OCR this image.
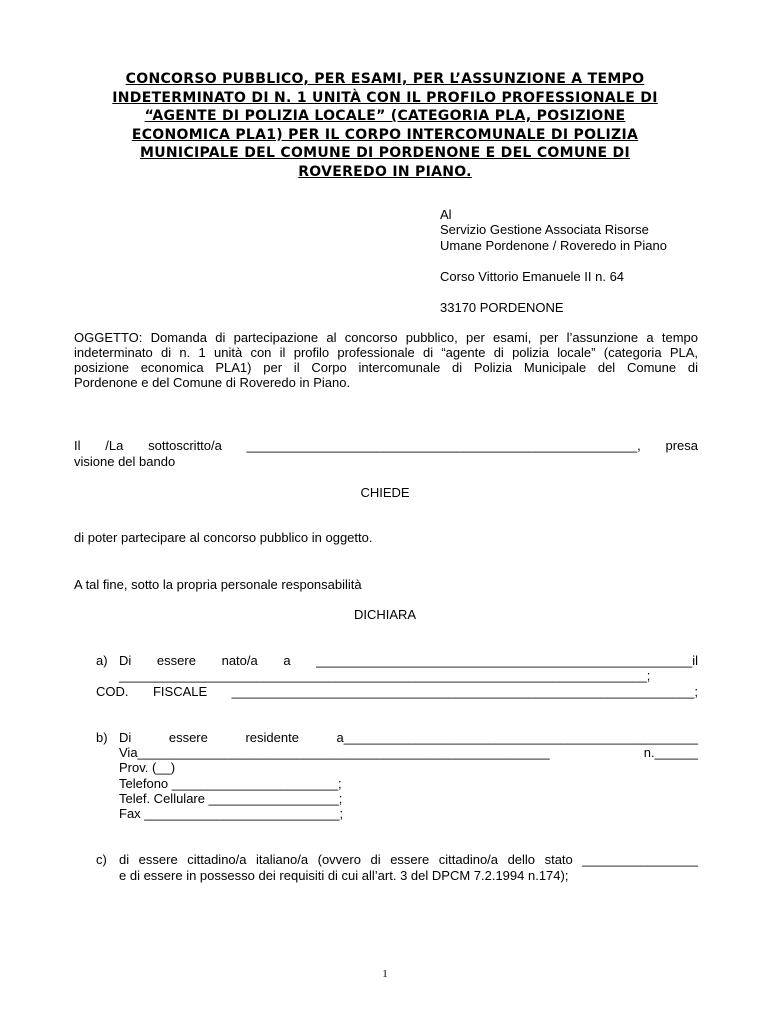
CONCORSO PUBBLICO, PER ESAMI, PER L’ASSUNZIONE A TEMPO
INDETERMINATO DI N. 1 UNITÀ CON IL PROFILO PROFESSIONALE DI
“AGENTE DI POLIZIA LOCALE” (CATEGORIA PLA, POSIZIONE
ECONOMICA PLA1) PER IL CORPO INTERCOMUNALE DI POLIZIA
MUNICIPALE DEL COMUNE DI PORDENONE E DEL COMUNE DI
ROVEREDO IN PIANO.
Al
Servizio Gestione Associata Risorse
Umane Pordenone / Roveredo in Piano
Corso Vittorio Emanuele II n. 64
33170 PORDENONE
OGGETTO: Domanda di partecipazione al concorso pubblico, per esami, per l’assunzione a tempo
indeterminato di n. 1 unità con il profilo professionale di “agente di polizia locale” (categoria PLA,
posizione economica PLA1) per il Corpo intercomunale di Polizia Municipale del Comune di
Pordenone e del Comune di Roveredo in Piano.
Il /La sottoscritto/a ______________________________________________________, presa
visione del bando
CHIEDE
di poter partecipare al concorso pubblico in oggetto.
A tal fine, sotto la propria personale responsabilità
DICHIARA
a) Di essere nato/a a ____________________________________________________il
_________________________________________________________________________;
COD. FISCALE ________________________________________________________________;
b) Di essere residente a_________________________________________________
Via_________________________________________________________ n.______
Prov. (__)
Telefono _______________________;
Telef. Cellulare __________________;
Fax ___________________________;
c) di essere cittadino/a italiano/a (ovvero di essere cittadino/a dello stato ________________
e di essere in possesso dei requisiti di cui all’art. 3 del DPCM 7.2.1994 n.174);
1
